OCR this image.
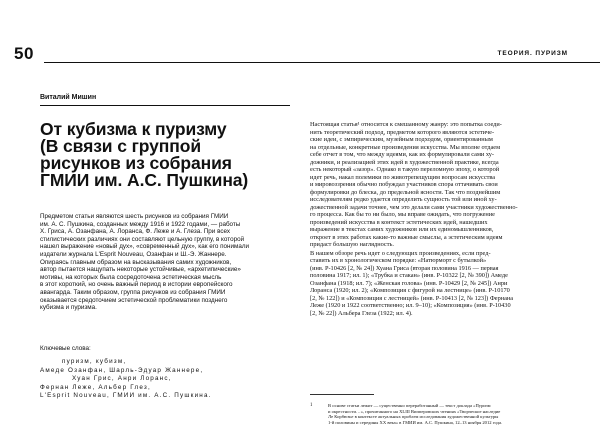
50	ТЕОРИЯ. ПУРИЗМ
Виталий Мишин
От кубизма к пуризму
(В связи с группой
рисунков из собрания
ГМИИ им. А.С. Пушкина)
Предметом статьи являются шесть рисунков из собрания ГМИИ
им. А. С. Пушкина, созданных между 1916 и 1922 годами, — работы
Х. Гриса, А. Озанфана, А. Лоранса, Ф. Леже и А. Глеза. При всех
стилистических различиях они составляют цельную группу, в которой
нашел выражение «новый дух», «современный дух», как его понимали
издатели журнала L'Esprit Nouveau, Озанфан и Ш.-Э. Жаннере.
Опираясь главным образом на высказывания самих художников,
автор пытается нащупать некоторые устойчивые, «архетипические»
мотивы, на которых была сосредоточена эстетическая мысль
в этот короткий, но очень важный период в истории европейского
авангарда. Таким образом, группа рисунков из собрания ГМИИ
оказывается средоточием эстетической проблематики позднего
кубизма и пуризма.
Ключевые слова:
пуризм, кубизм,
Амеде Озанфан, Шарль-Эдуар Жаннере,
Хуан Грис, Анри Лоранс,
Фернан Леже, Альбер Глез,
L'Esprit Nouveau, ГМИИ им. А.С. Пушкина.
Настоящая статья¹ относится к смешанному жанру: это попытка соеди-
нить теоретический подход, предметом которого являются эстетиче-
ские идеи, с эмпирическим, музейным подходом, ориентированным
на отдельные, конкретные произведения искусства. Мы вполне отдаем
себе отчет в том, что между идеями, как их формулировали сами ху-
дожники, и реализацией этих идей в художественной практике, всегда
есть некоторый «зазор». Однако в такую переломную эпоху, о которой
идет речь, накал полемики по животрепещущим вопросам искусства
и мировоззрения обычно побуждал участников спора оттачивать свои
формулировки до блеска, до предельной ясности. Так что позднейшим
исследователям редко удается определить сущность той или иной ху-
дожественной задачи точнее, чем это делали сами участники художественно-
го процесса. Как бы то ни было, мы вправе ожидать, что погружение
произведений искусства в контекст эстетических идей, нашедших
выражение в текстах самих художников или их единомышленников,
откроет в этих работах какие-то важные смыслы, а эстетическим идеям
придаст большую наглядность.
В нашем обзоре речь идет о следующих произведениях, если пред-
ставить их в хронологическом порядке: «Натюрморт с бутылкой»
(инв. Р-10426 [2, № 24]) Хуана Гриса (вторая половина 1916 — первая
половина 1917; ил. 1); «Трубка и стакан» (инв. Р-10322 [2, № 390]) Амеде
Озанфана (1918; ил. 7); «Женская голова» (инв. Р-10429 [2, № 245]) Анри
Лоранса (1920; ил. 2); «Композиция с фигурой на лестнице» (инв. Р-10170
[2, № 122]) и «Композиция с лестницей» (инв. Р-10413 [2, № 123]) Фернана
Леже (1920 и 1922 соответственно; ил. 9–10); «Композиция» (инв. Р-10430
[2, № 22]) Альбера Глеза (1922; ил. 4).
1	В основе статьи лежит — существенно переработанный — текст доклада «Пуризм
и окрестности…», прочитанного на XLIII Випперовских чтениях «Творческое наследие
Ле Корбюзье в контексте актуальных проблем исследования художественной культуры
1-й половины и середины XX века» в ГМИИ им. А.С. Пушкина, 12–13 ноября 2012 года.
